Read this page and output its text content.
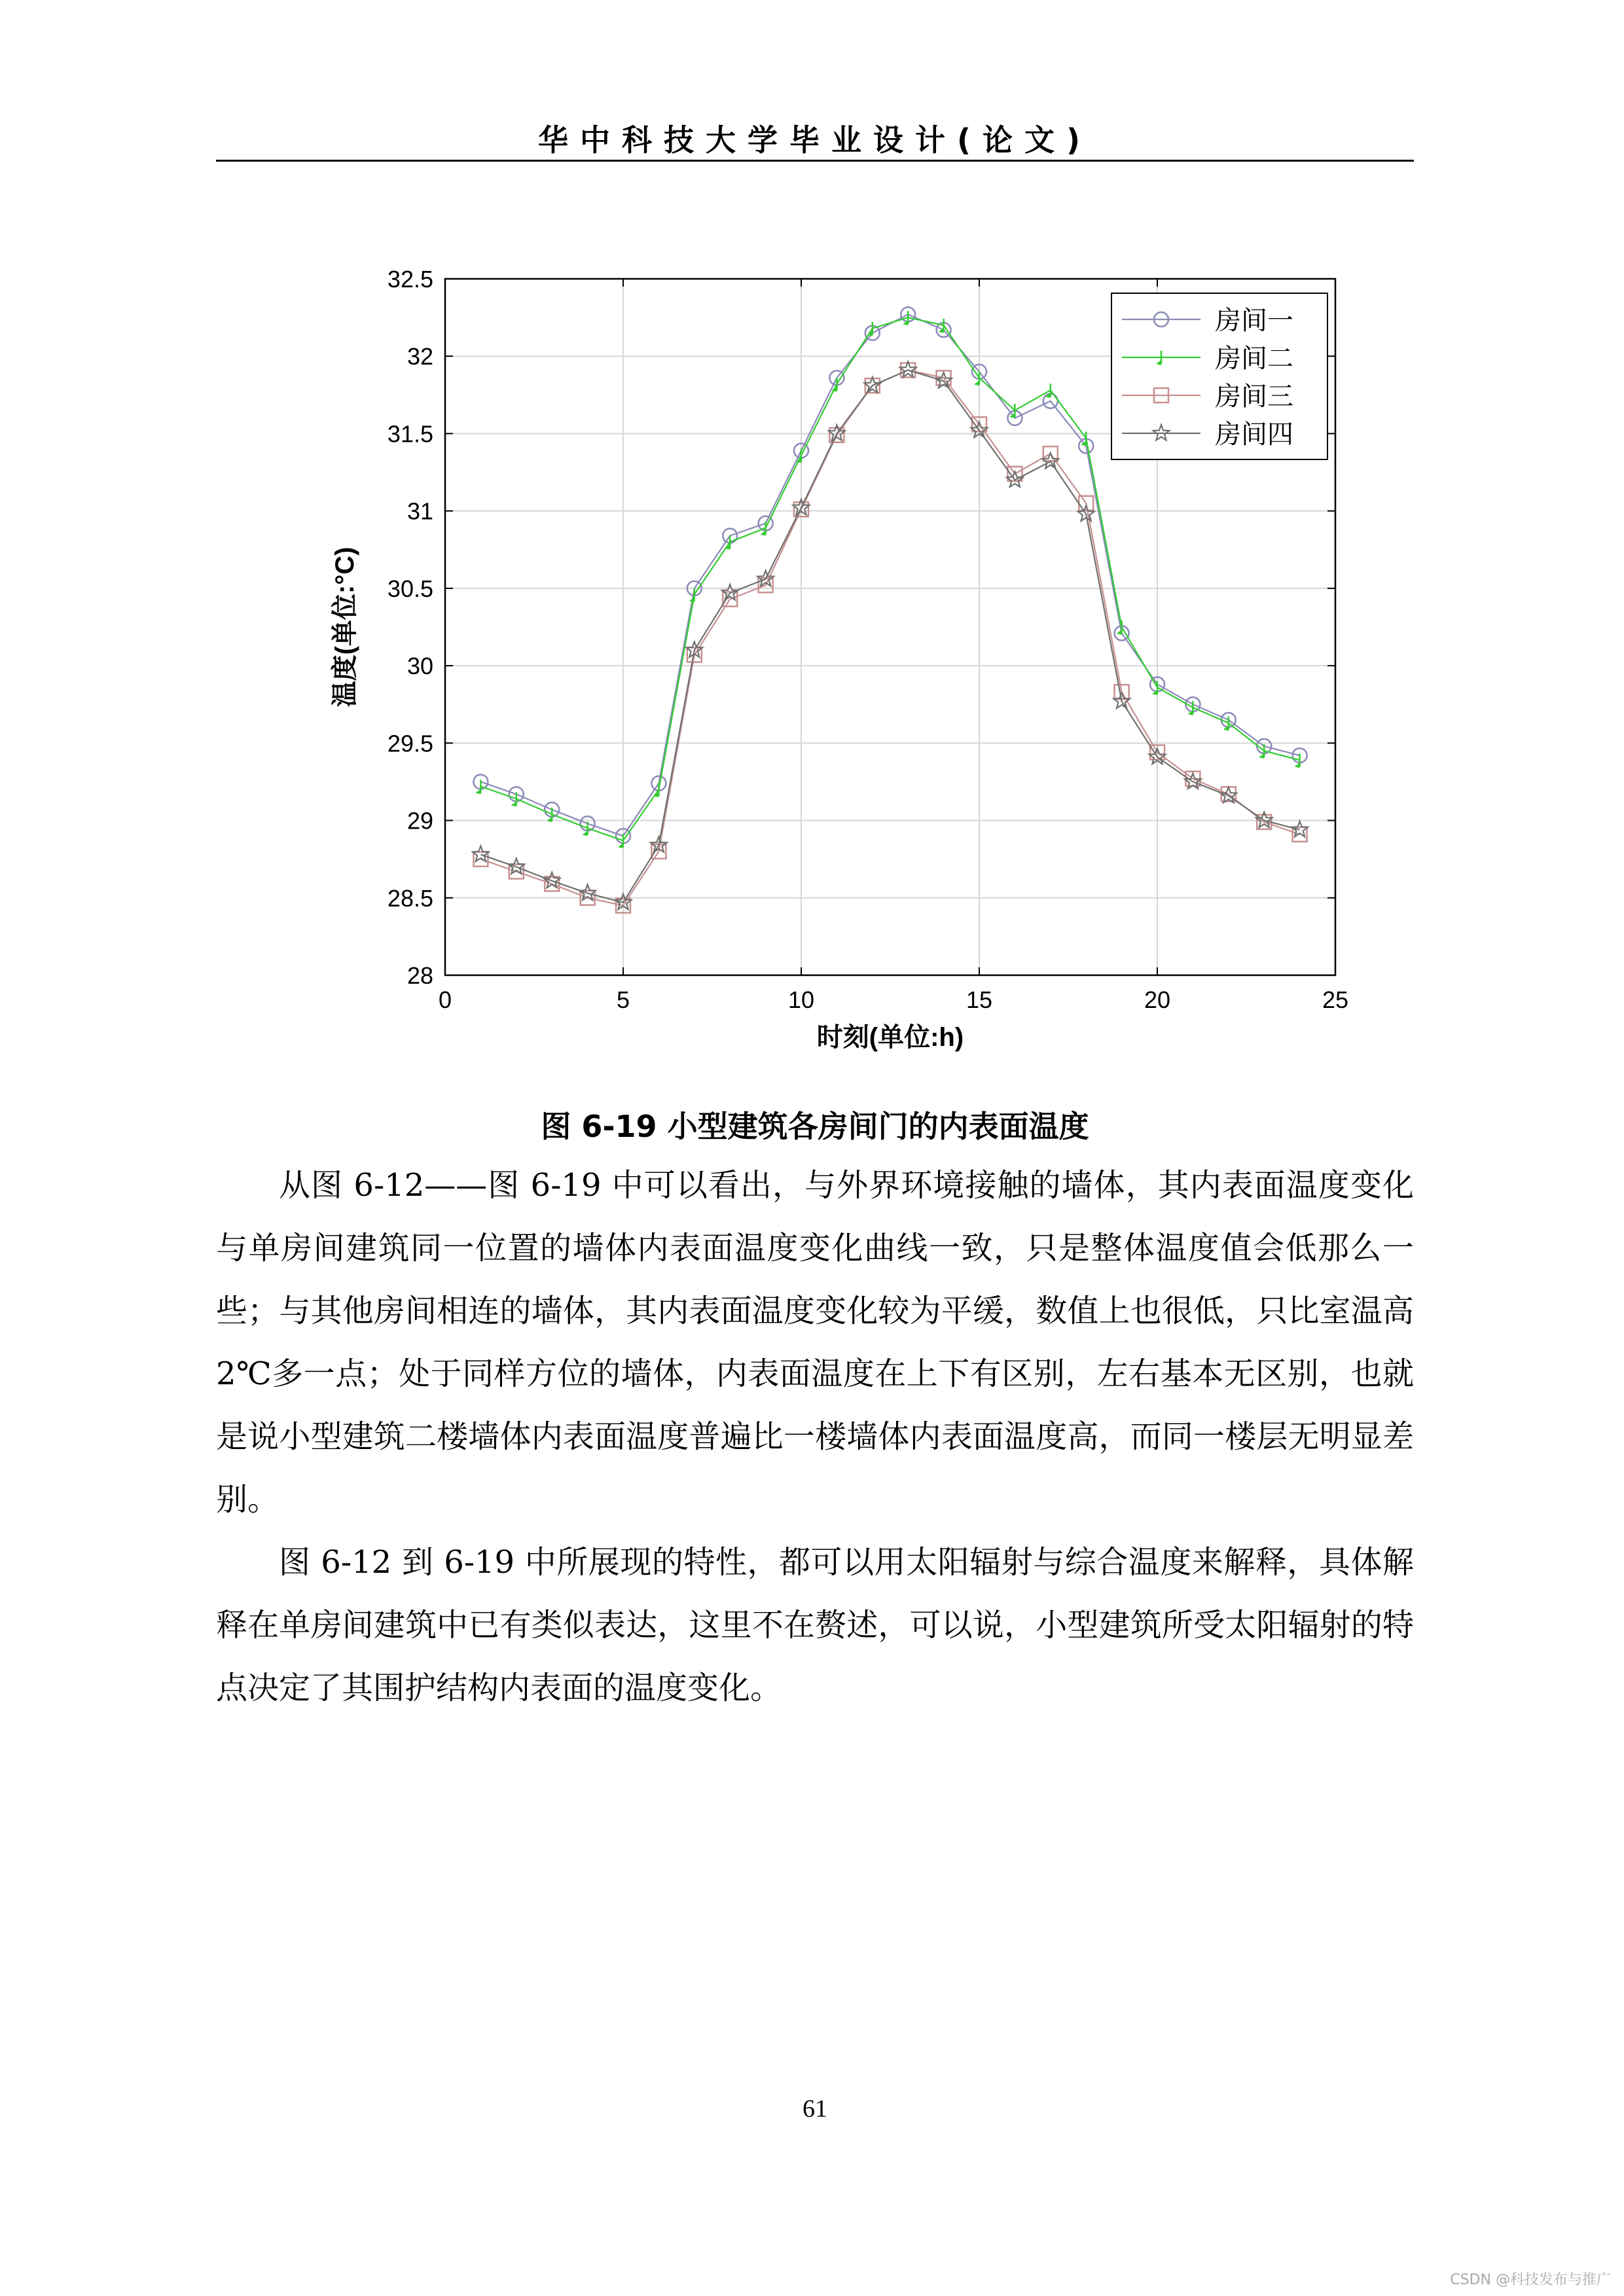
华中科技大学毕业设计(论文)
28
28.5
29
29.5
30
30.5
31
31.5
32
32.5
0	5	10	15	20	25
时刻(单位:h)
温度(单位:°C)
房间一
房间二
房间三
房间四
图 6-19 小型建筑各房间门的内表面温度

从图 6-12——图 6-19 中可以看出，与外界环境接触的墙体，其内表面温度变化与单房间建筑同一位置的墙体内表面温度变化曲线一致，只是整体温度值会低那么一些；与其他房间相连的墙体，其内表面温度变化较为平缓，数值上也很低，只比室温高 2℃多一点；处于同样方位的墙体，内表面温度在上下有区别，左右基本无区别，也就是说小型建筑二楼墙体内表面温度普遍比一楼墙体内表面温度高，而同一楼层无明显差别。

图 6-12 到 6-19 中所展现的特性，都可以用太阳辐射与综合温度来解释，具体解释在单房间建筑中已有类似表达，这里不在赘述，可以说，小型建筑所受太阳辐射的特点决定了其围护结构内表面的温度变化。

61
CSDN @科技发布与推广
